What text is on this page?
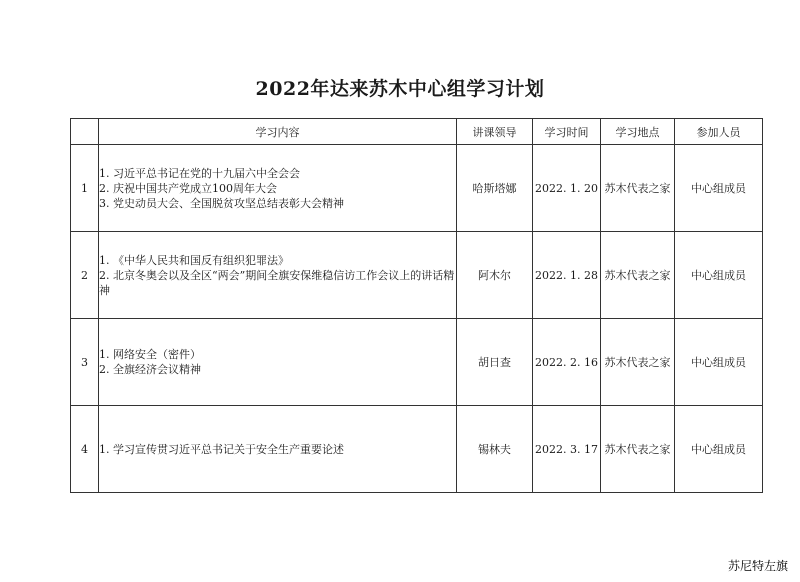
2022年达来苏木中心组学习计划
	学习内容	讲课领导	学习时间	学习地点	参加人员
1	1. 习近平总书记在党的十九届六中全会会
2. 庆祝中国共产党成立100周年大会
3. 党史动员大会、全国脱贫攻坚总结表彰大会精神	哈斯塔娜	2022. 1. 20	苏木代表之家	中心组成员
2	1. 《中华人民共和国反有组织犯罪法》
2. 北京冬奥会以及全区“两会”期间全旗安保维稳信访工作会议上的讲话精神	阿木尔	2022. 1. 28	苏木代表之家	中心组成员
3	1. 网络安全（密件）
2. 全旗经济会议精神	胡日查	2022. 2. 16	苏木代表之家	中心组成员
4	1. 学习宣传贯习近平总书记关于安全生产重要论述	锡林夫	2022. 3. 17	苏木代表之家	中心组成员
苏尼特左旗
